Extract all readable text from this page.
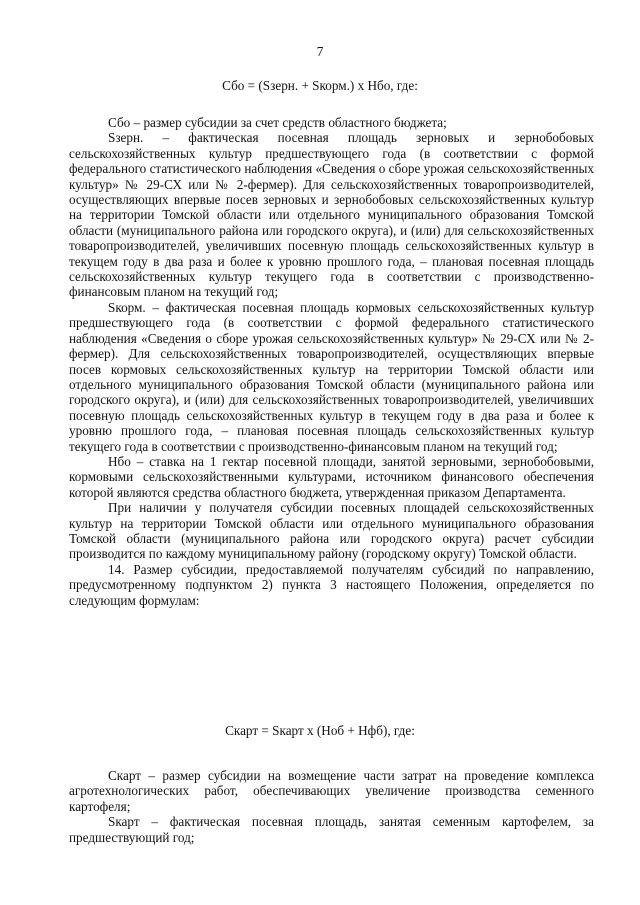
7
Сбо = (Sзерн. + Sкорм.) х Нбо, где:

Сбо – размер субсидии за счет средств областного бюджета;

Sзерн. – фактическая посевная площадь зерновых и зернобобовых сельскохозяйственных культур предшествующего года (в соответствии с формой федерального статистического наблюдения «Сведения о сборе урожая сельскохозяйственных культур» № 29-СХ или № 2-фермер). Для сельскохозяйственных товаропроизводителей, осуществляющих впервые посев зерновых и зернобобовых сельскохозяйственных культур на территории Томской области или отдельного муниципального образования Томской области (муниципального района или городского округа), и (или) для сельскохозяйственных товаропроизводителей, увеличивших посевную площадь сельскохозяйственных культур в текущем году в два раза и более к уровню прошлого года, – плановая посевная площадь сельскохозяйственных культур текущего года в соответствии с производственно-финансовым планом на текущий год;

Sкорм. – фактическая посевная площадь кормовых сельскохозяйственных культур предшествующего года (в соответствии с формой федерального статистического наблюдения «Сведения о сборе урожая сельскохозяйственных культур» № 29-СХ или № 2-фермер). Для сельскохозяйственных товаропроизводителей, осуществляющих впервые посев кормовых сельскохозяйственных культур на территории Томской области или отдельного муниципального образования Томской области (муниципального района или городского округа), и (или) для сельскохозяйственных товаропроизводителей, увеличивших посевную площадь сельскохозяйственных культур в текущем году в два раза и более к уровню прошлого года, – плановая посевная площадь сельскохозяйственных культур текущего года в соответствии с производственно-финансовым планом на текущий год;

Нбо – ставка на 1 гектар посевной площади, занятой зерновыми, зернобобовыми, кормовыми сельскохозяйственными культурами, источником финансового обеспечения которой являются средства областного бюджета, утвержденная приказом Департамента.

При наличии у получателя субсидии посевных площадей сельскохозяйственных культур на территории Томской области или отдельного муниципального образования Томской области (муниципального района или городского округа) расчет субсидии производится по каждому муниципальному району (городскому округу) Томской области.

14. Размер субсидии, предоставляемой получателям субсидий по направлению, предусмотренному подпунктом 2) пункта 3 настоящего Положения, определяется по следующим формулам:

Скарт = Sкарт х (Ноб + Нфб), где:

Скарт – размер субсидии на возмещение части затрат на проведение комплекса агротехнологических работ, обеспечивающих увеличение производства семенного картофеля;

Sкарт – фактическая посевная площадь, занятая семенным картофелем, за предшествующий год;
